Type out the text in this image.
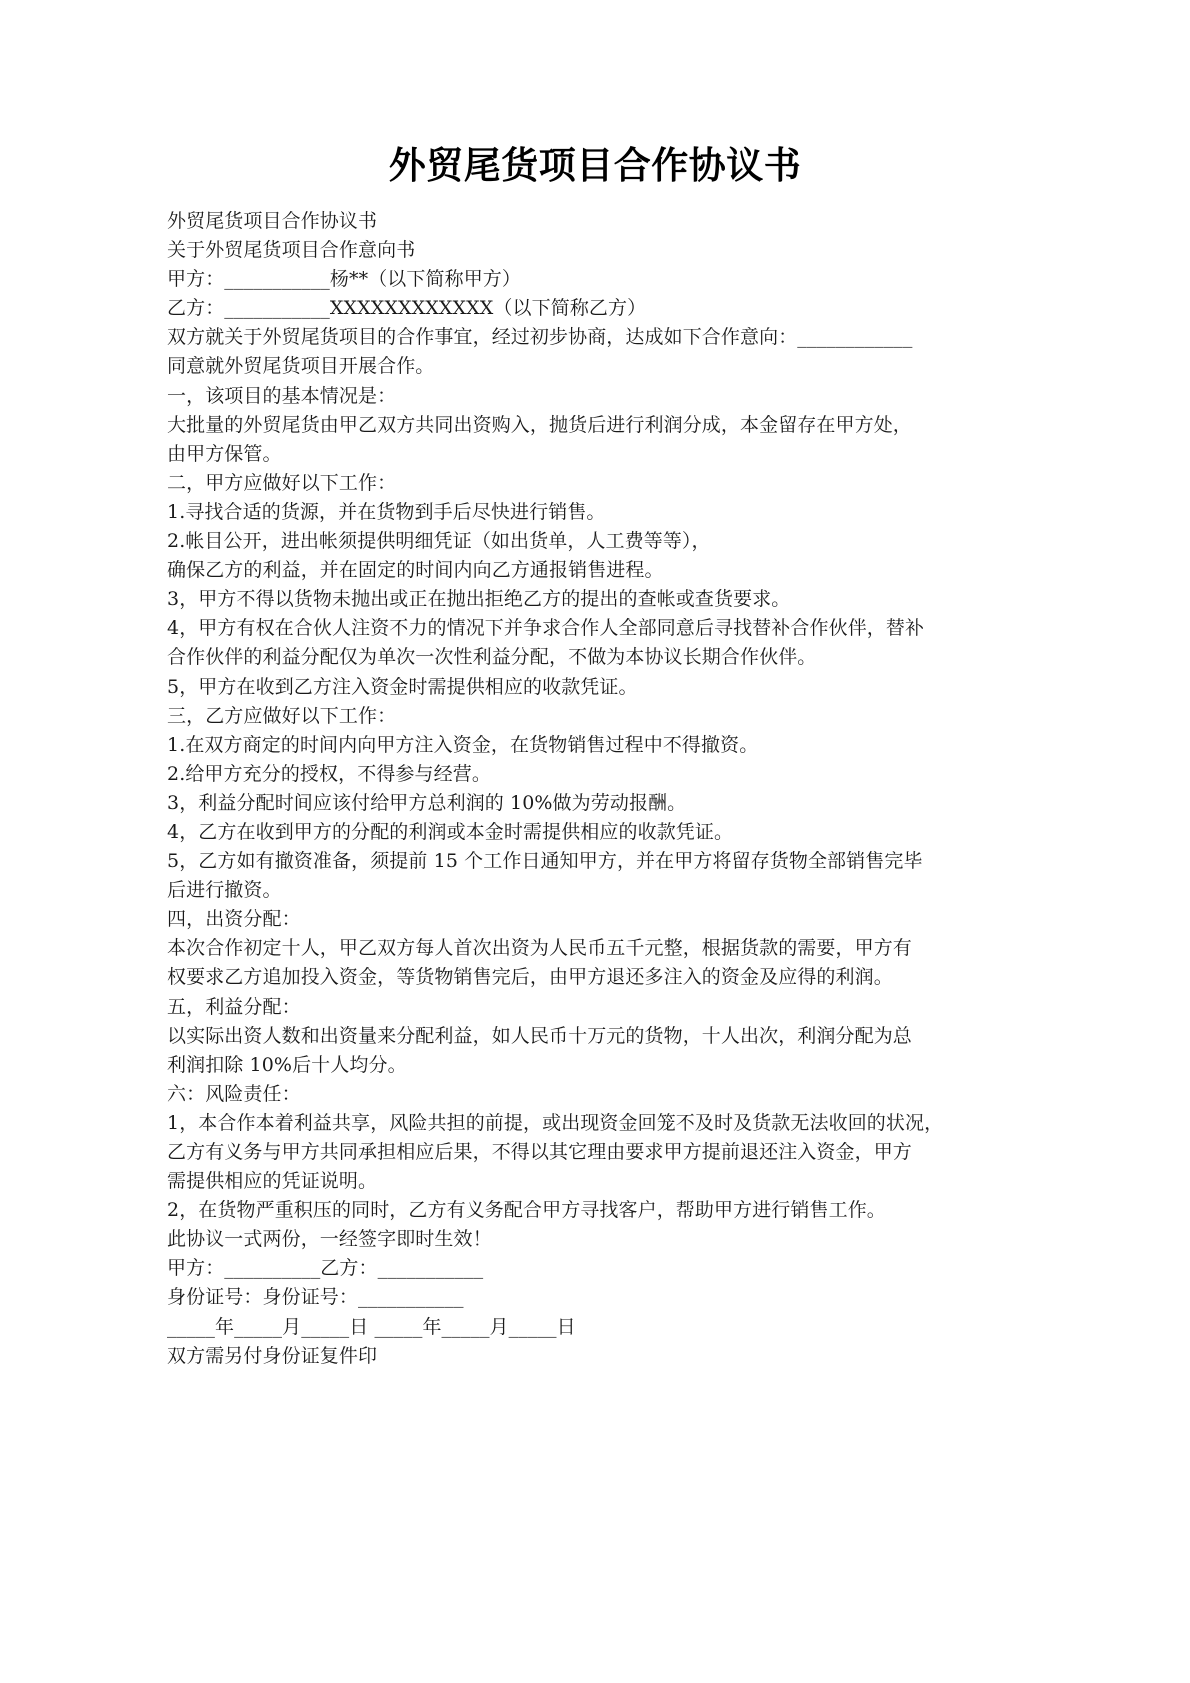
外贸尾货项目合作协议书
外贸尾货项目合作协议书
关于外贸尾货项目合作意向书
甲方：___________杨**（以下简称甲方）
乙方：___________XXXXXXXXXXXX（以下简称乙方）
双方就关于外贸尾货项目的合作事宜，经过初步协商，达成如下合作意向：____________
同意就外贸尾货项目开展合作。
一，该项目的基本情况是：
大批量的外贸尾货由甲乙双方共同出资购入，抛货后进行利润分成，本金留存在甲方处，
由甲方保管。
二，甲方应做好以下工作：
1.寻找合适的货源，并在货物到手后尽快进行销售。
2.帐目公开，进出帐须提供明细凭证（如出货单，人工费等等），
确保乙方的利益，并在固定的时间内向乙方通报销售进程。
3，甲方不得以货物未抛出或正在抛出拒绝乙方的提出的查帐或查货要求。
4，甲方有权在合伙人注资不力的情况下并争求合作人全部同意后寻找替补合作伙伴，替补
合作伙伴的利益分配仅为单次一次性利益分配，不做为本协议长期合作伙伴。
5，甲方在收到乙方注入资金时需提供相应的收款凭证。
三，乙方应做好以下工作：
1.在双方商定的时间内向甲方注入资金，在货物销售过程中不得撤资。
2.给甲方充分的授权，不得参与经营。
3，利益分配时间应该付给甲方总利润的 10%做为劳动报酬。
4，乙方在收到甲方的分配的利润或本金时需提供相应的收款凭证。
5，乙方如有撤资准备，须提前 15 个工作日通知甲方，并在甲方将留存货物全部销售完毕
后进行撤资。
四，出资分配：
本次合作初定十人，甲乙双方每人首次出资为人民币五千元整，根据货款的需要，甲方有
权要求乙方追加投入资金，等货物销售完后，由甲方退还多注入的资金及应得的利润。
五，利益分配：
以实际出资人数和出资量来分配利益，如人民币十万元的货物，十人出次，利润分配为总
利润扣除 10%后十人均分。
六：风险责任：
1，本合作本着利益共享，风险共担的前提，或出现资金回笼不及时及货款无法收回的状况，
乙方有义务与甲方共同承担相应后果，不得以其它理由要求甲方提前退还注入资金，甲方
需提供相应的凭证说明。
2，在货物严重积压的同时，乙方有义务配合甲方寻找客户，帮助甲方进行销售工作。
此协议一式两份，一经签字即时生效！
甲方：__________乙方：___________
身份证号：身份证号：___________
_____年_____月_____日 _____年_____月_____日
双方需另付身份证复件印
